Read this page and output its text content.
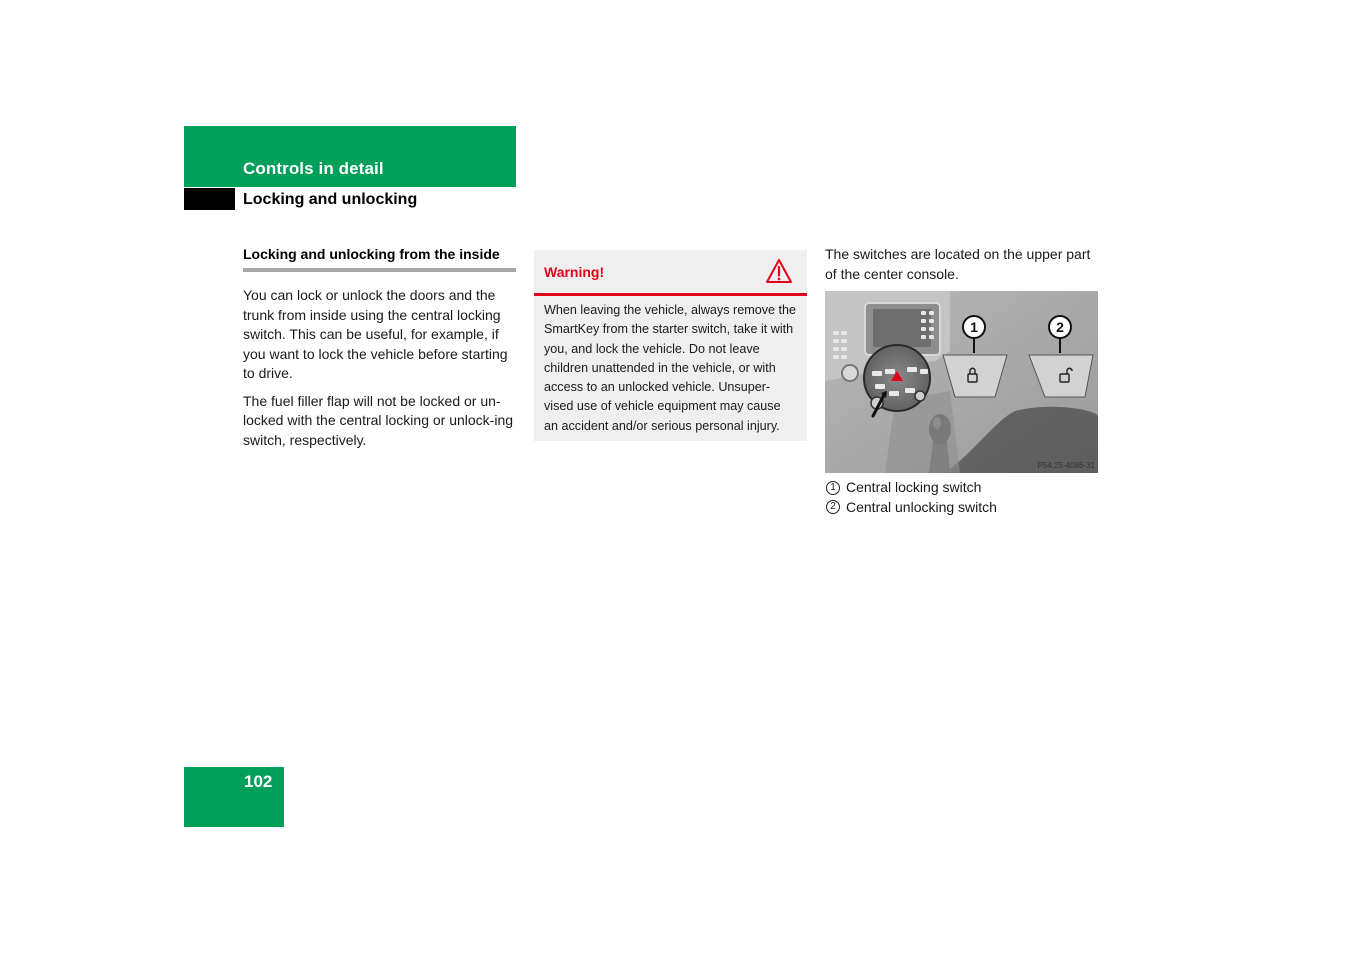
Controls in detail
Locking and unlocking
Locking and unlocking from the inside

You can lock or unlock the doors and the trunk from inside using the central locking switch. This can be useful, for example, if you want to lock the vehicle before starting to drive.

The fuel filler flap will not be locked or un-locked with the central locking or unlock-ing switch, respectively.

Warning!
When leaving the vehicle, always remove the SmartKey from the starter switch, take it with you, and lock the vehicle. Do not leave children unattended in the vehicle, or with access to an unlocked vehicle. Unsuper-vised use of vehicle equipment may cause an accident and/or serious personal injury.
The switches are located on the upper part of the center console.
1	2
P54.25-4086-31
1 Central locking switch
2 Central unlocking switch
102
